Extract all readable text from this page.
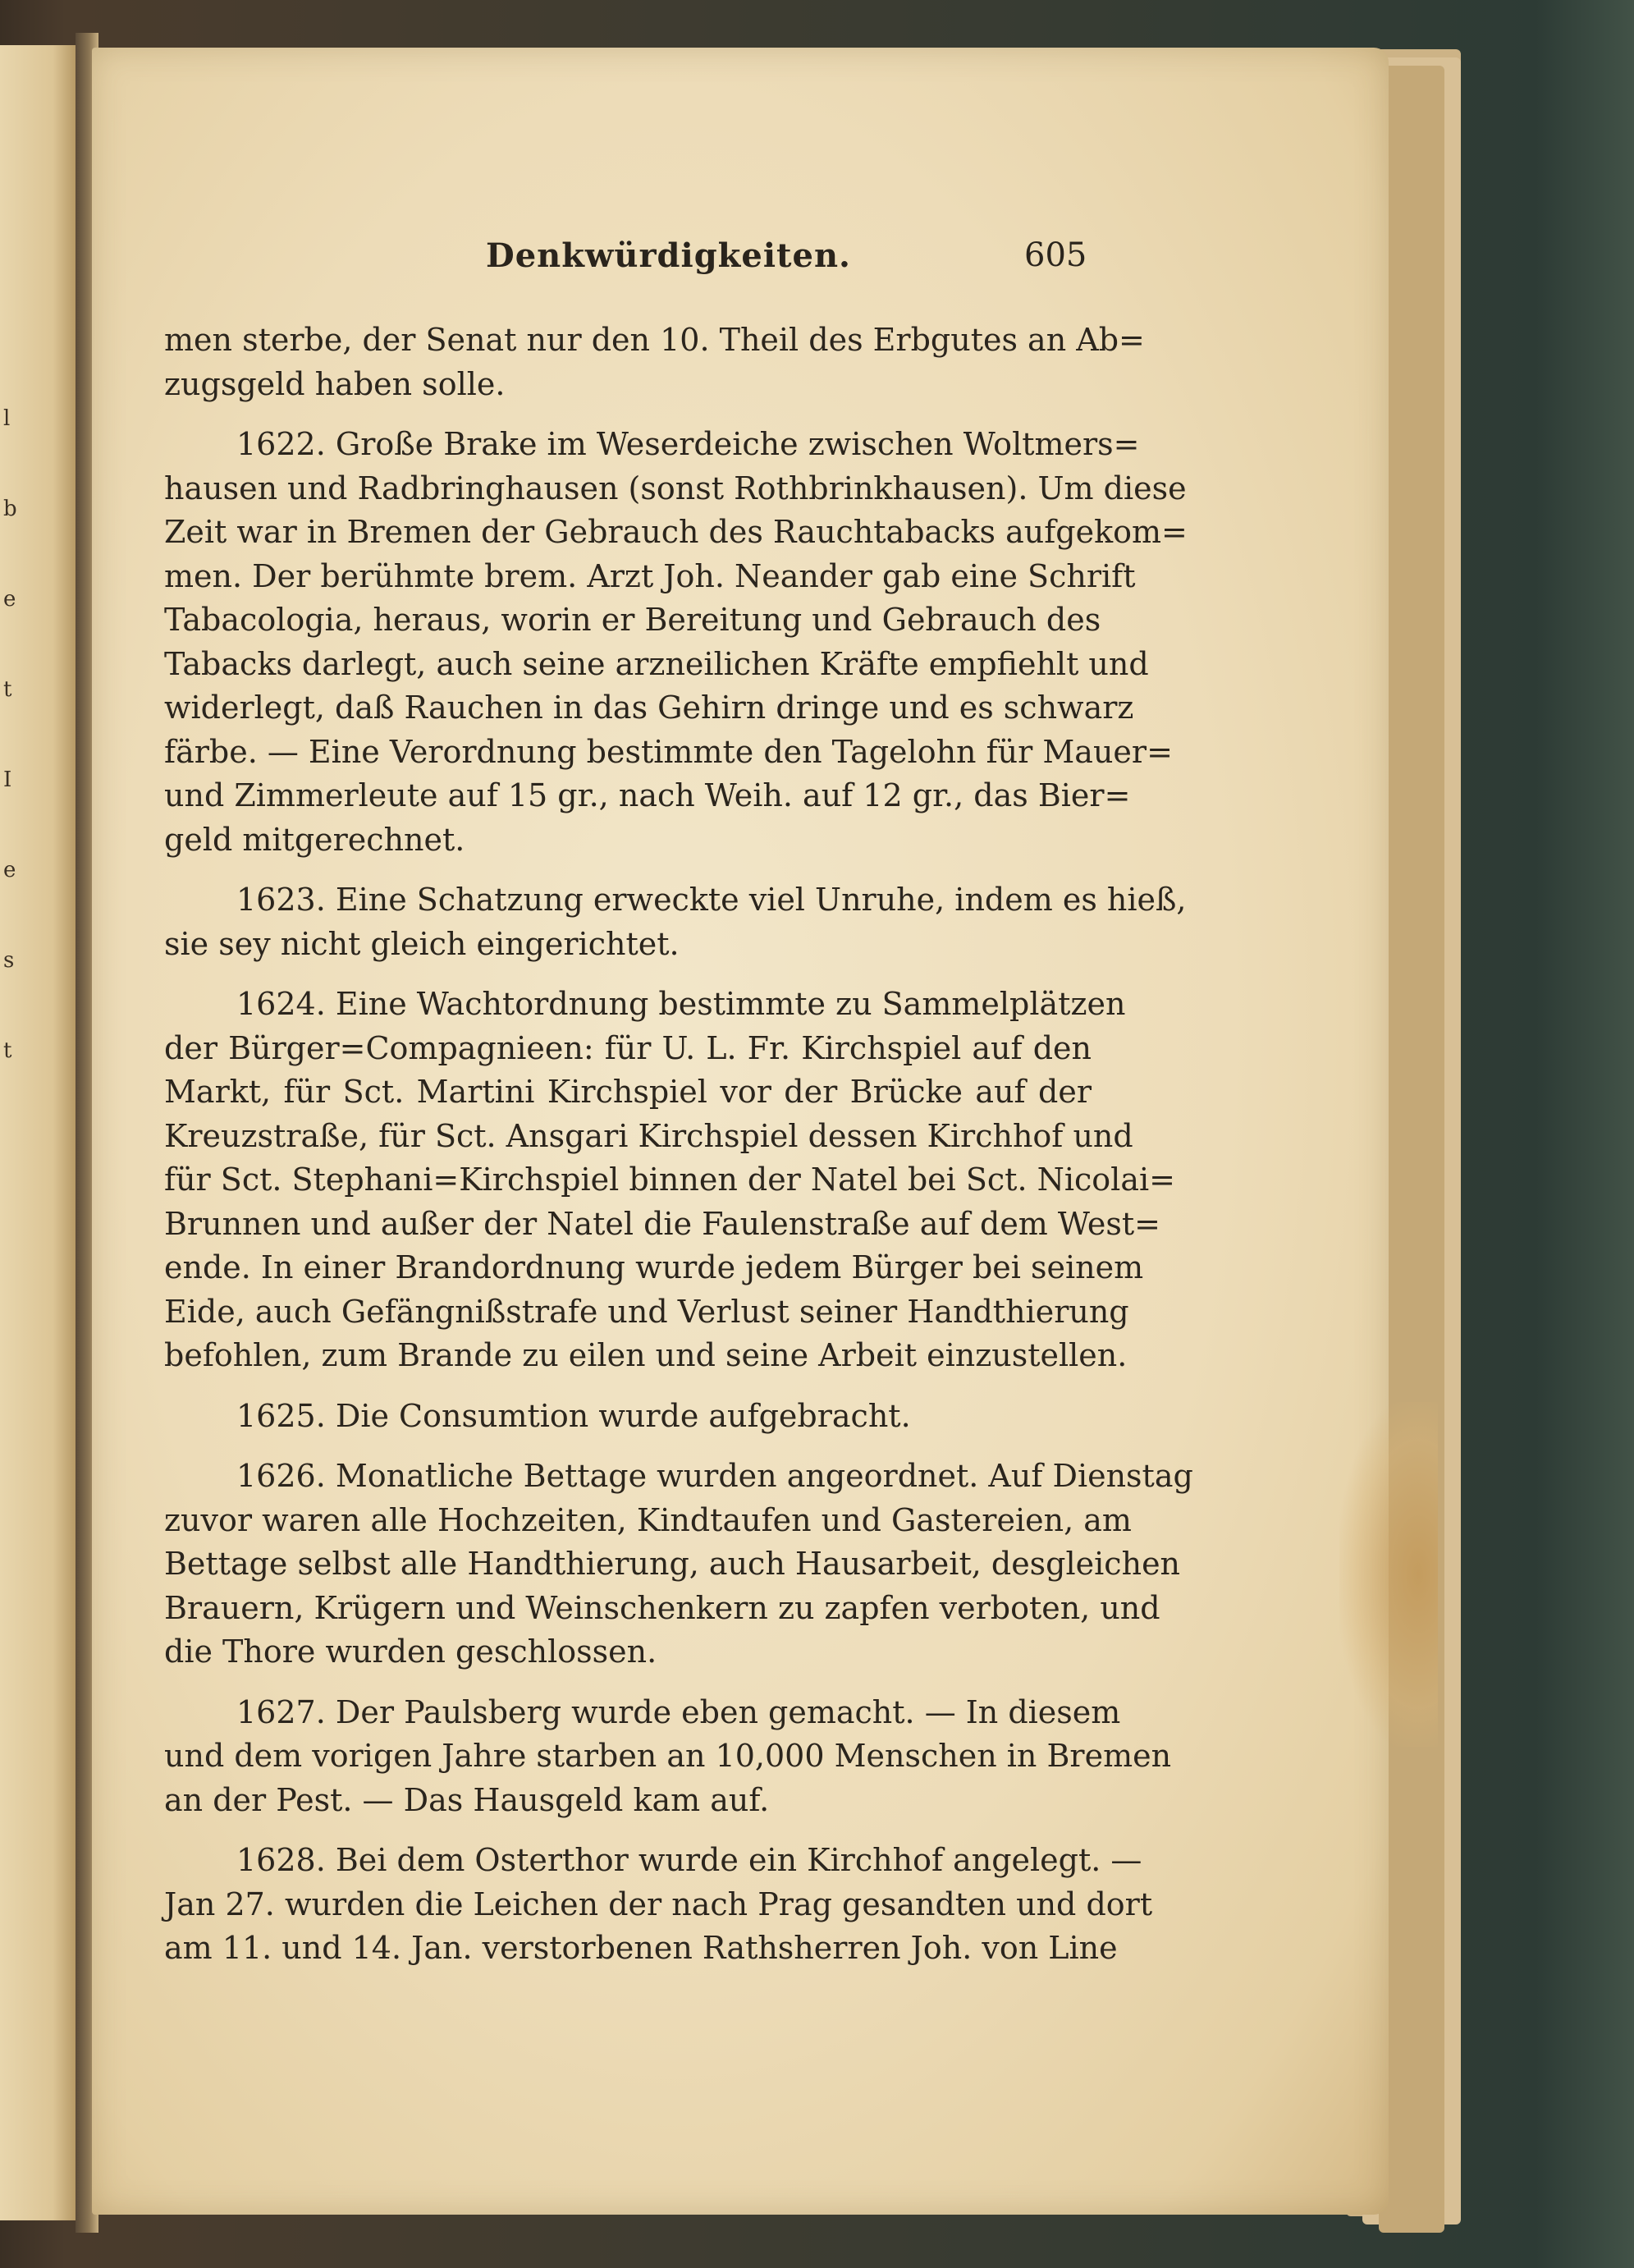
l
b
e
t
I
e
s
t
Denkwürdigkeiten.	605
men sterbe, der Senat nur den 10. Theil des Erbgutes an Ab=
zugsgeld haben solle.
1622. Große Brake im Weserdeiche zwischen Woltmers=
hausen und Radbringhausen (sonst Rothbrinkhausen). Um diese
Zeit war in Bremen der Gebrauch des Rauchtabacks aufgekom=
men. Der berühmte brem. Arzt Joh. Neander gab eine Schrift
Tabacologia, heraus, worin er Bereitung und Gebrauch des
Tabacks darlegt, auch seine arzneilichen Kräfte empfiehlt und
widerlegt, daß Rauchen in das Gehirn dringe und es schwarz
färbe. — Eine Verordnung bestimmte den Tagelohn für Mauer=
und Zimmerleute auf 15 gr., nach Weih. auf 12 gr., das Bier=
geld mitgerechnet.
1623. Eine Schatzung erweckte viel Unruhe, indem es hieß,
sie sey nicht gleich eingerichtet.
1624. Eine Wachtordnung bestimmte zu Sammelplätzen
der Bürger=Compagnieen: für U. L. Fr. Kirchspiel auf den
Markt, für Sct. Martini Kirchspiel vor der Brücke auf der
Kreuzstraße, für Sct. Ansgari Kirchspiel dessen Kirchhof und
für Sct. Stephani=Kirchspiel binnen der Natel bei Sct. Nicolai=
Brunnen und außer der Natel die Faulenstraße auf dem West=
ende. In einer Brandordnung wurde jedem Bürger bei seinem
Eide, auch Gefängnißstrafe und Verlust seiner Handthierung
befohlen, zum Brande zu eilen und seine Arbeit einzustellen.
1625. Die Consumtion wurde aufgebracht.
1626. Monatliche Bettage wurden angeordnet. Auf Dienstag
zuvor waren alle Hochzeiten, Kindtaufen und Gastereien, am
Bettage selbst alle Handthierung, auch Hausarbeit, desgleichen
Brauern, Krügern und Weinschenkern zu zapfen verboten, und
die Thore wurden geschlossen.
1627. Der Paulsberg wurde eben gemacht. — In diesem
und dem vorigen Jahre starben an 10,000 Menschen in Bremen
an der Pest. — Das Hausgeld kam auf.
1628. Bei dem Osterthor wurde ein Kirchhof angelegt. —
Jan 27. wurden die Leichen der nach Prag gesandten und dort
am 11. und 14. Jan. verstorbenen Rathsherren Joh. von Line
